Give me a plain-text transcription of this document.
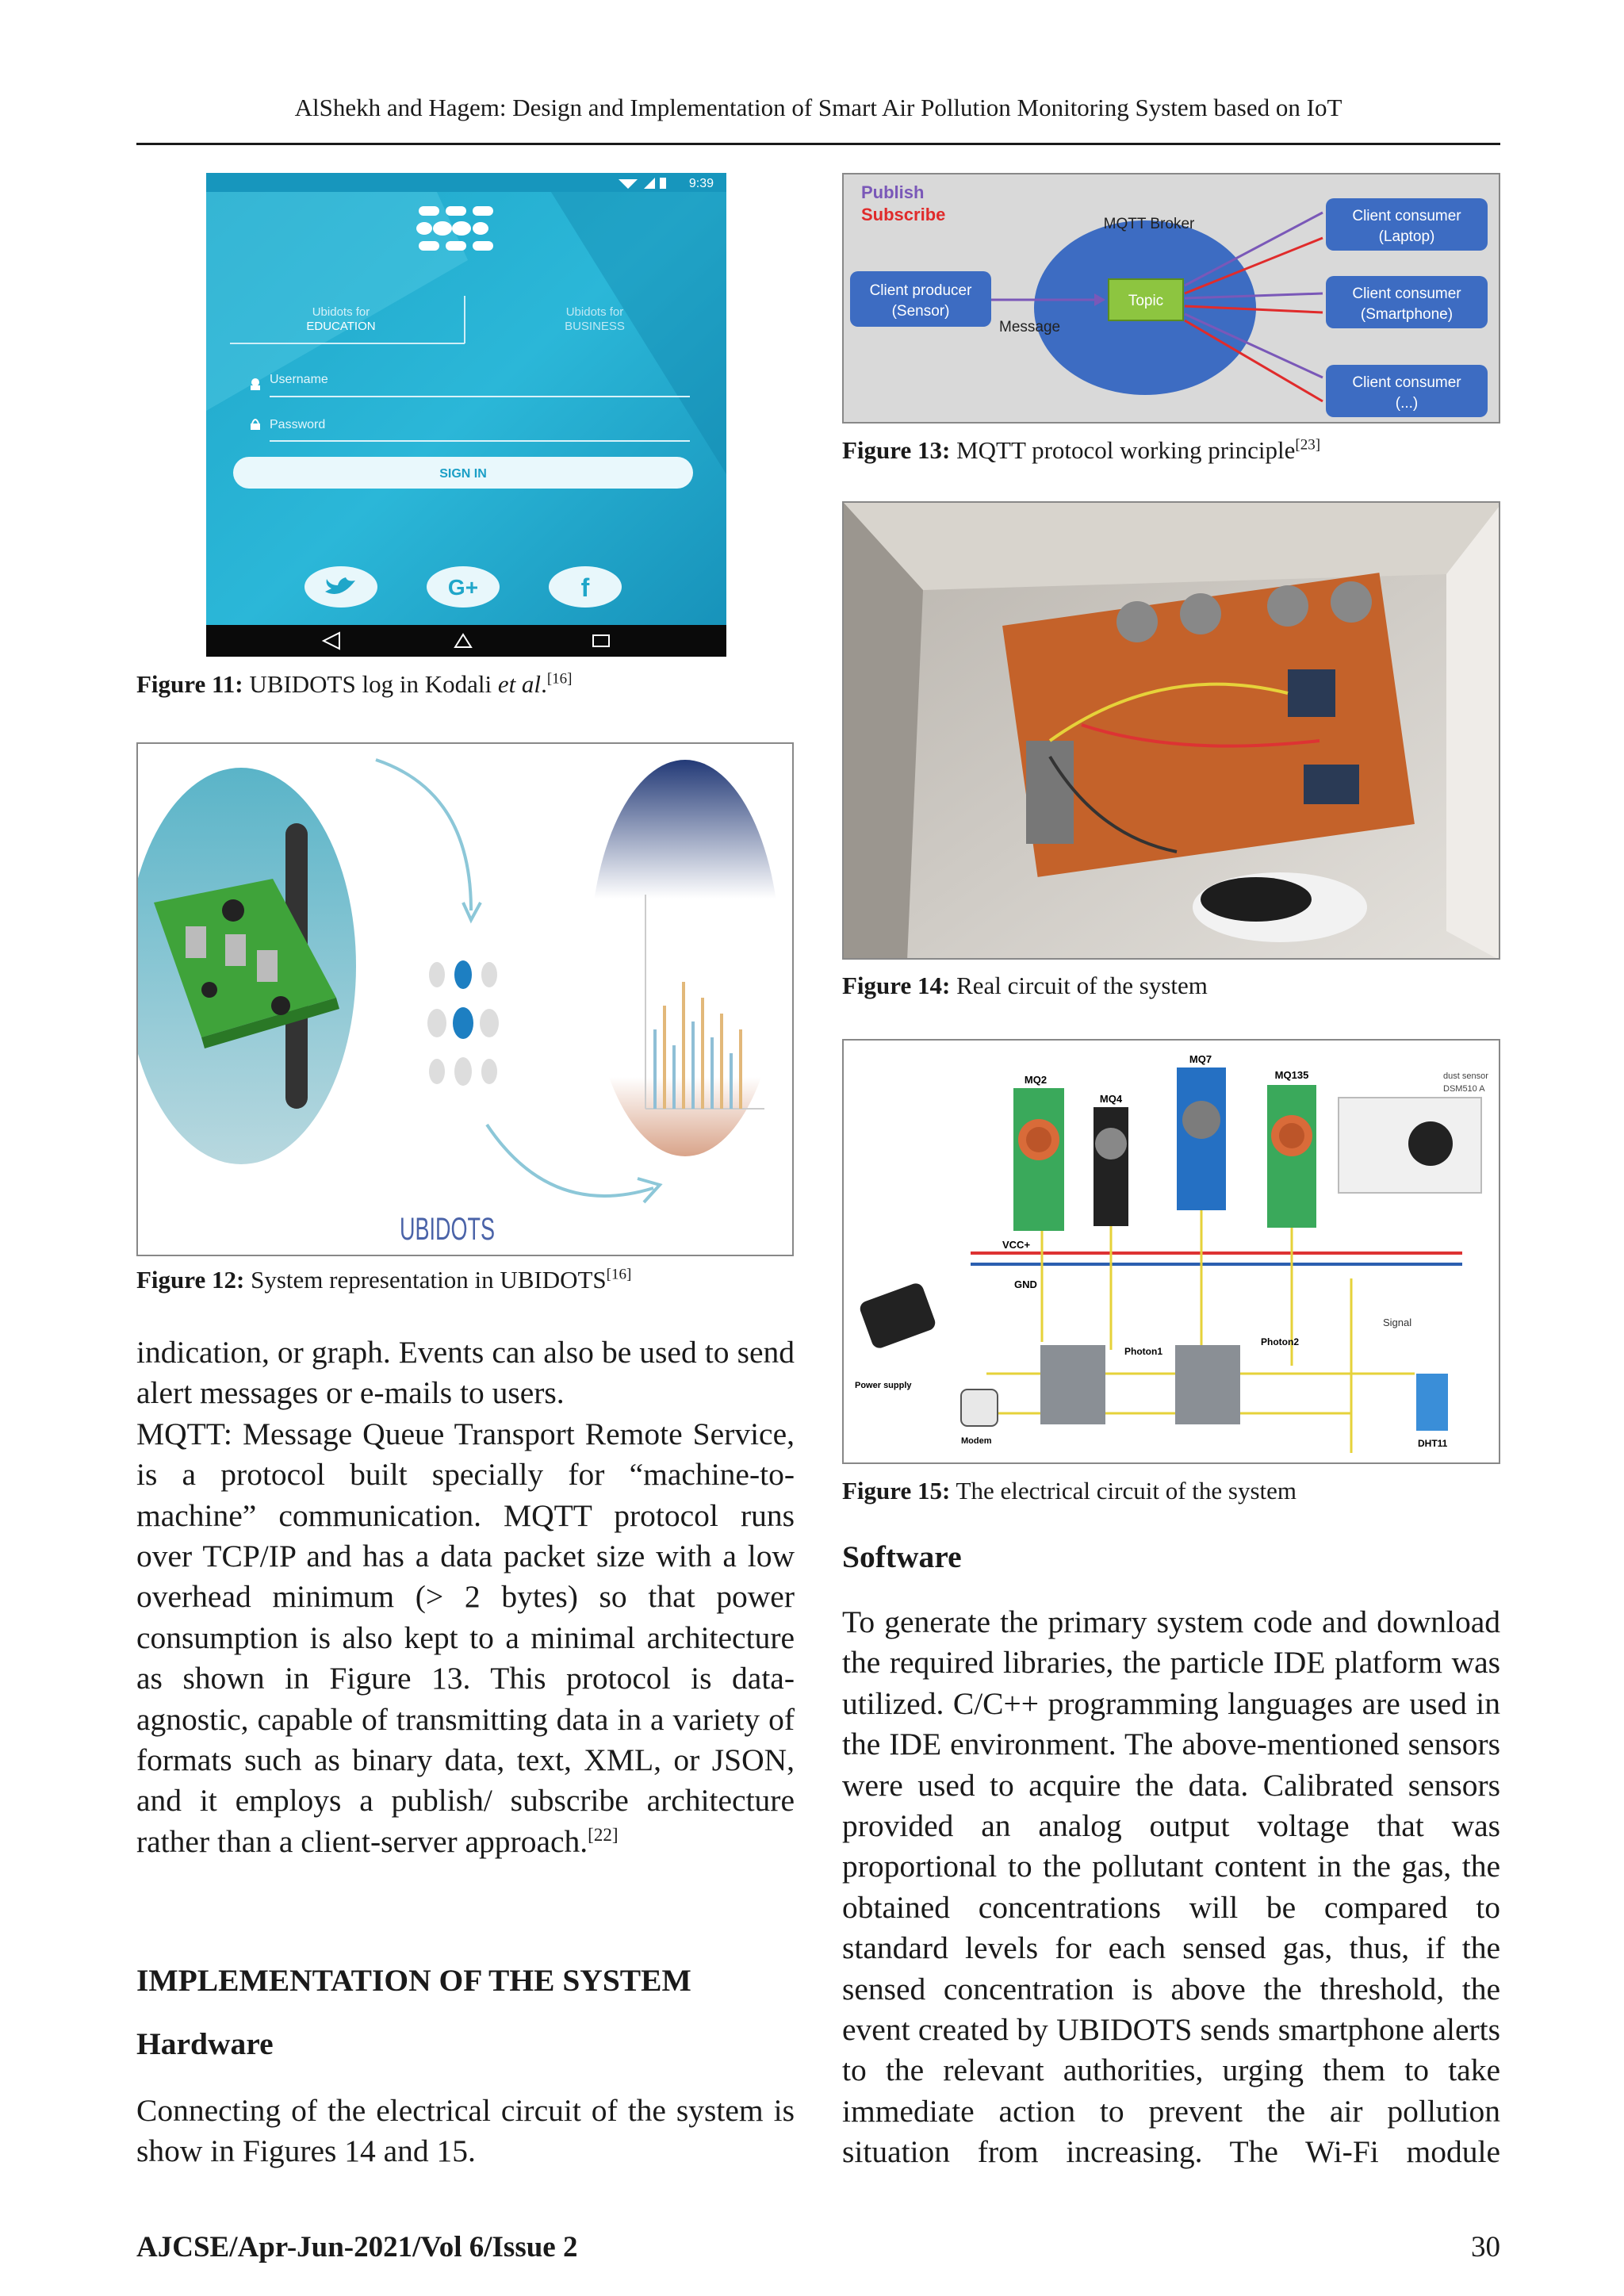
AlShekh and Hagem: Design and Implementation of Smart Air Pollution Monitoring System based on IoT
9:39
Ubidots for
EDUCATION
Ubidots for
BUSINESS
Username
Password
SIGN IN
G+	f
Figure 11: UBIDOTS log in Kodali et al.[16]
UBIDOTS
Figure 12: System representation in UBIDOTS[16]
Publish
Subscribe	MQTT Broker
Topic
Client producer
(Sensor)
Message
Client consumer
(Laptop)
Client consumer
(Smartphone)
Client consumer
(...)
Figure 13: MQTT protocol working principle[23]
Figure 14: Real circuit of the system
MQ2
MQ4
MQ7
MQ135	dust sensor
DSM510 A
VCC+
GND
Signal
Photon1
Photon2
Power supply
Modem	DHT11
Figure 15: The electrical circuit of the system

indication, or graph. Events can also be used to send alert messages or e-mails to users.

MQTT: Message Queue Transport Remote Service, is a protocol built specially for “machine-to-machine” communication. MQTT protocol runs over TCP/IP and has a data packet size with a low overhead minimum (> 2 bytes) so that power consumption is also kept to a minimal architecture as shown in Figure 13. This protocol is data-agnostic, capable of transmitting data in a variety of formats such as binary data, text, XML, or JSON, and it employs a publish/ subscribe architecture rather than a client-server approach.[22]

IMPLEMENTATION OF THE SYSTEM
Hardware
Connecting of the electrical circuit of the system is show in Figures 14 and 15.
Software
To generate the primary system code and download the required libraries, the particle IDE platform was utilized. C/C++ programming languages are used in the IDE environment. The above-mentioned sensors were used to acquire the data. Calibrated sensors provided an analog output voltage that was proportional to the pollutant content in the gas, the obtained concentrations will be compared to standard levels for each sensed gas, thus, if the sensed concentration is above the threshold, the event created by UBIDOTS sends smartphone alerts to the relevant authorities, urging them to take immediate action to prevent the air pollution situation from increasing. The Wi-Fi module
AJCSE/Apr-Jun-2021/Vol 6/Issue 2	30
